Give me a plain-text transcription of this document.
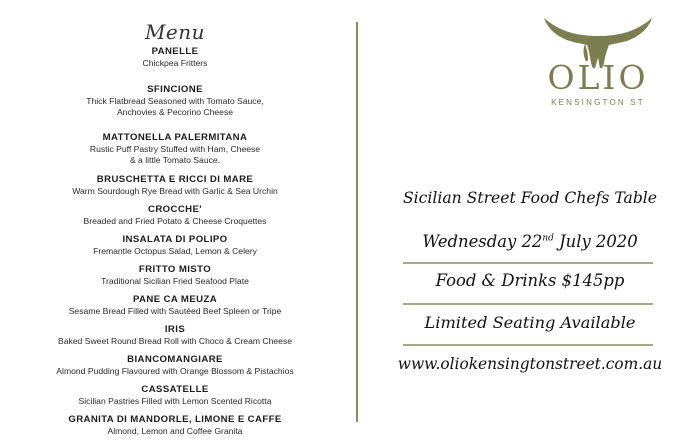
Menu
PANELLE
Chickpea Fritters
SFINCIONE
Thick Flatbread Seasoned with Tomato Sauce,
Anchovies & Pecorino Cheese
MATTONELLA PALERMITANA
Rustic Puff Pastry Stuffed with Ham, Cheese
& a little Tomato Sauce.
BRUSCHETTA E RICCI DI MARE
Warm Sourdough Rye Bread with Garlic & Sea Urchin
CROCCHE'
Breaded and Fried Potato & Cheese Croquettes
INSALATA DI POLIPO
Fremantle Octopus Salad, Lemon & Celery
FRITTO MISTO
Traditional Sicilian Fried Seafood Plate
PANE CA MEUZA
Sesame Bread Filled with Sautéed Beef Spleen or Tripe
IRIS
Baked Sweet Round Bread Roll with Choco & Cream Cheese
BIANCOMANGIARE
Almond Pudding Flavoured with Orange Blossom & Pistachios
CASSATELLE
Sicilian Pastries Filled with Lemon Scented Ricotta
GRANITA DI MANDORLE, LIMONE E CAFFE
Almond, Lemon and Coffee Granita
OLIO
KENSINGTON ST
Sicilian Street Food Chefs Table
Wednesday 22nd July 2020
Food & Drinks $145pp
Limited Seating Available
www.oliokensingtonstreet.com.au
